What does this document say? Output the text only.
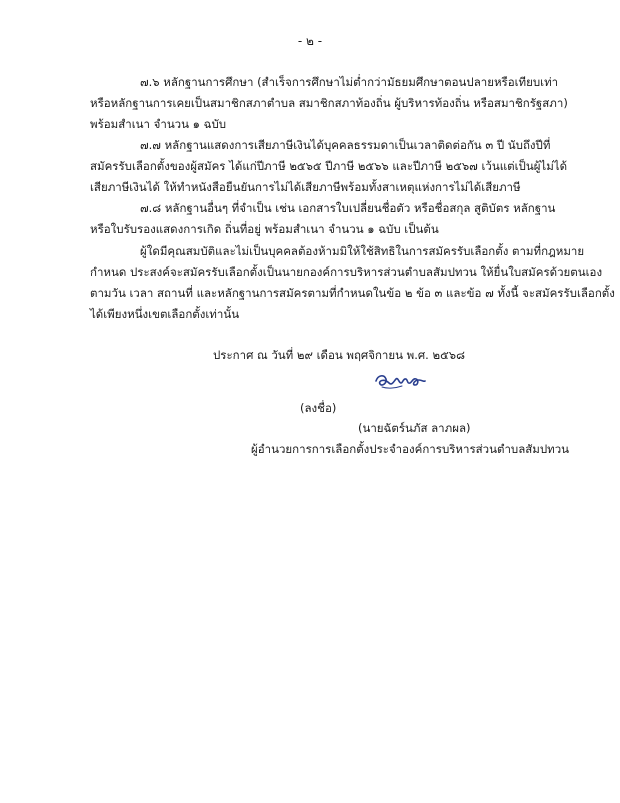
- ๒ -
๗.๖ หลักฐานการศึกษา (สำเร็จการศึกษาไม่ต่ำกว่ามัธยมศึกษาตอนปลายหรือเทียบเท่า
หรือหลักฐานการเคยเป็นสมาชิกสภาตำบล สมาชิกสภาท้องถิ่น ผู้บริหารท้องถิ่น หรือสมาชิกรัฐสภา)
พร้อมสำเนา จำนวน ๑ ฉบับ
๗.๗ หลักฐานแสดงการเสียภาษีเงินได้บุคคลธรรมดาเป็นเวลาติดต่อกัน ๓ ปี นับถึงปีที่
สมัครรับเลือกตั้งของผู้สมัคร ได้แก่ปีภาษี ๒๕๖๕ ปีภาษี ๒๕๖๖ และปีภาษี ๒๕๖๗ เว้นแต่เป็นผู้ไม่ได้
เสียภาษีเงินได้ ให้ทำหนังสือยืนยันการไม่ได้เสียภาษีพร้อมทั้งสาเหตุแห่งการไม่ได้เสียภาษี
๗.๘ หลักฐานอื่นๆ ที่จำเป็น เช่น เอกสารใบเปลี่ยนชื่อตัว หรือชื่อสกุล สูติบัตร หลักฐาน
หรือใบรับรองแสดงการเกิด ถิ่นที่อยู่ พร้อมสำเนา จำนวน ๑ ฉบับ เป็นต้น
ผู้ใดมีคุณสมบัติและไม่เป็นบุคคลต้องห้ามมิให้ใช้สิทธิในการสมัครรับเลือกตั้ง ตามที่กฎหมาย
กำหนด ประสงค์จะสมัครรับเลือกตั้งเป็นนายกองค์การบริหารส่วนตำบลสัมปทวน ให้ยื่นใบสมัครด้วยตนเอง
ตามวัน เวลา สถานที่ และหลักฐานการสมัครตามที่กำหนดในข้อ ๒ ข้อ ๓ และข้อ ๗ ทั้งนี้ จะสมัครรับเลือกตั้ง
ได้เพียงหนึ่งเขตเลือกตั้งเท่านั้น
ประกาศ ณ วันที่ ๒๙ เดือน พฤศจิกายน พ.ศ. ๒๕๖๘
(ลงชื่อ)
(นายฉัตร์นภัส ลาภผล)
ผู้อำนวยการการเลือกตั้งประจำองค์การบริหารส่วนตำบลสัมปทวน
